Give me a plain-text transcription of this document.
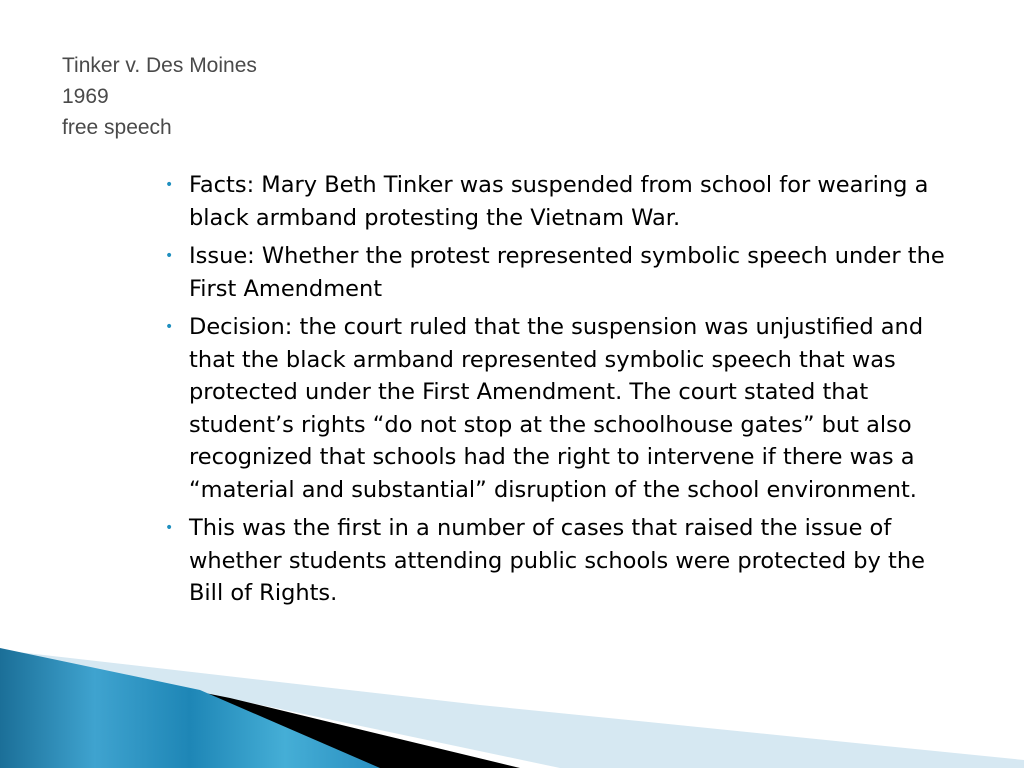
Tinker v. Des Moines
1969
free speech
• Facts: Mary Beth Tinker was suspended from school for wearing a black armband protesting the Vietnam War.
• Issue: Whether the protest represented symbolic speech under the First Amendment
• Decision: the court ruled that the suspension was unjustified and that the black armband represented symbolic speech that was protected under the First Amendment. The court stated that student’s rights “do not stop at the schoolhouse gates” but also recognized that schools had the right to intervene if there was a “material and substantial” disruption of the school environment.
• This was the first in a number of cases that raised the issue of whether students attending public schools were protected by the Bill of Rights.
